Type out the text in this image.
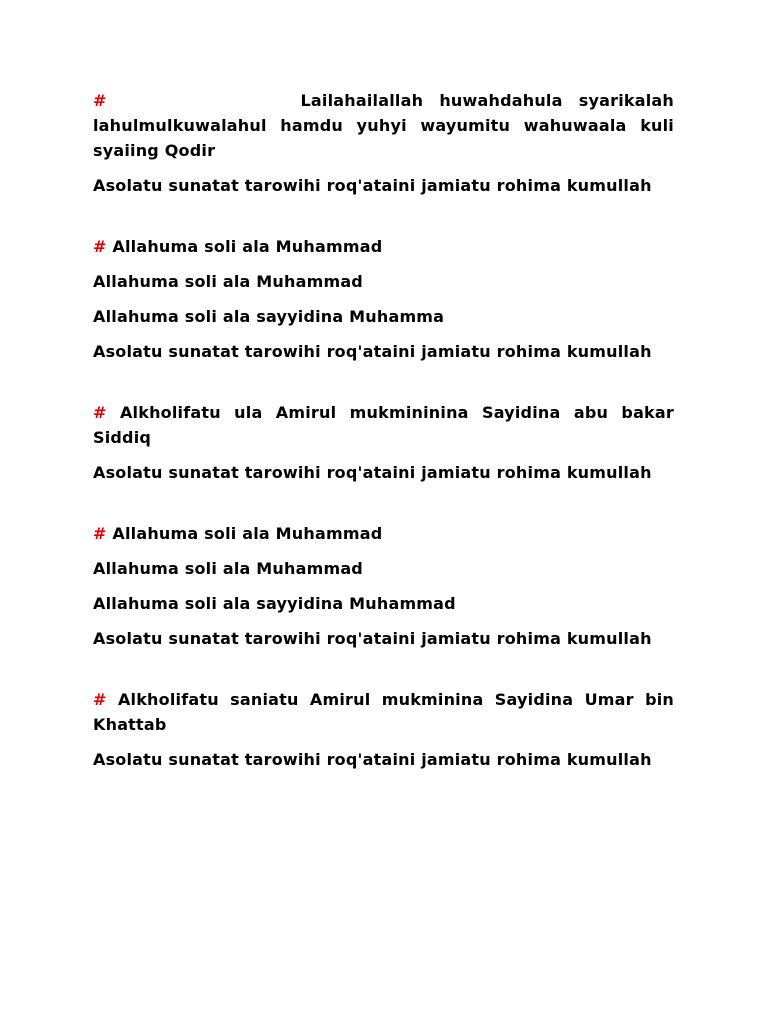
#	Lailahailallah huwahdahula syarikalah lahulmulkuwalahul hamdu yuhyi wayumitu wahuwaala kuli syaiing Qodir

Asolatu sunatat tarowihi roq'ataini jamiatu rohima kumullah

# Allahuma soli ala Muhammad

Allahuma soli ala Muhammad

Allahuma soli ala sayyidina Muhamma

Asolatu sunatat tarowihi roq'ataini jamiatu rohima kumullah

# Alkholifatu ula Amirul mukmininina Sayidina abu bakar Siddiq

Asolatu sunatat tarowihi roq'ataini jamiatu rohima kumullah

# Allahuma soli ala Muhammad

Allahuma soli ala Muhammad

Allahuma soli ala sayyidina Muhammad

Asolatu sunatat tarowihi roq'ataini jamiatu rohima kumullah

# Alkholifatu saniatu Amirul mukminina Sayidina Umar bin Khattab

Asolatu sunatat tarowihi roq'ataini jamiatu rohima kumullah
